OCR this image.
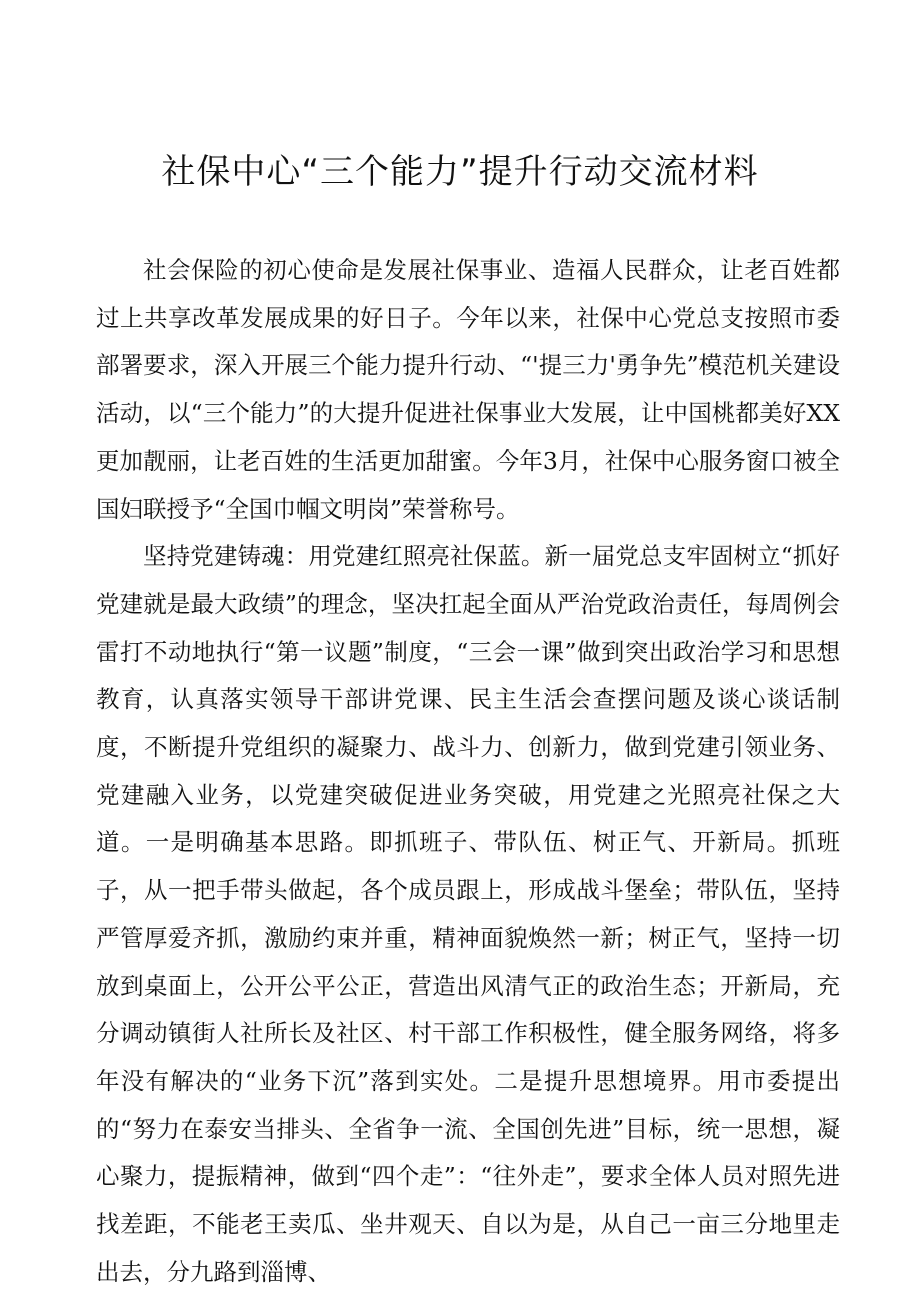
社保中心“三个能力”提升行动交流材料

社会保险的初心使命是发展社保事业、造福人民群众，让老百姓都过上共享改革发展成果的好日子。今年以来，社保中心党总支按照市委部署要求，深入开展三个能力提升行动、“'提三力'勇争先”模范机关建设活动，以“三个能力”的大提升促进社保事业大发展，让中国桃都美好XX更加靓丽，让老百姓的生活更加甜蜜。今年3月，社保中心服务窗口被全国妇联授予“全国巾帼文明岗”荣誉称号。

坚持党建铸魂：用党建红照亮社保蓝。新一届党总支牢固树立“抓好党建就是最大政绩”的理念，坚决扛起全面从严治党政治责任，每周例会雷打不动地执行“第一议题”制度，“三会一课”做到突出政治学习和思想教育，认真落实领导干部讲党课、民主生活会查摆问题及谈心谈话制度，不断提升党组织的凝聚力、战斗力、创新力，做到党建引领业务、党建融入业务，以党建突破促进业务突破，用党建之光照亮社保之大道。一是明确基本思路。即抓班子、带队伍、树正气、开新局。抓班子，从一把手带头做起，各个成员跟上，形成战斗堡垒；带队伍，坚持严管厚爱齐抓，激励约束并重，精神面貌焕然一新；树正气，坚持一切放到桌面上，公开公平公正，营造出风清气正的政治生态；开新局，充分调动镇街人社所长及社区、村干部工作积极性，健全服务网络，将多年没有解决的“业务下沉”落到实处。二是提升思想境界。用市委提出的“努力在泰安当排头、全省争一流、全国创先进”目标，统一思想，凝心聚力，提振精神，做到“四个走”：“往外走”，要求全体人员对照先进找差距，不能老王卖瓜、坐井观天、自以为是，从自己一亩三分地里走出去，分九路到淄博、
